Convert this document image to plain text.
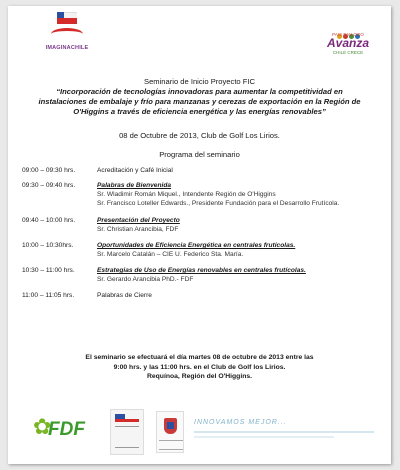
IMAGINACHILE
PAIS DIALOGO
Avanza
CHILE CRECE
Seminario de Inicio Proyecto FIC
“Incorporación de tecnologías innovadoras para aumentar la competitividad en
instalaciones de embalaje y frío para manzanas y cerezas de exportación en la Región de
O'Higgins a través de eficiencia energética y las energías renovables”
08 de Octubre de 2013, Club de Golf Los Lirios.
Programa del seminario
09:00 – 09:30 hrs.	Acreditación y Café Inicial
09:30 – 09:40 hrs.	Palabras de Bienvenida
Sr. Wladimir Román Miquel., Intendente Región de O'Higgins
Sr. Francisco Loteller Edwards., Presidente Fundación para el Desarrollo Frutícola.
09:40 – 10:00 hrs.	Presentación del Proyecto
Sr. Christian Arancibia, FDF
10:00 – 10:30hrs.	Oportunidades de Eficiencia Energética en centrales frutícolas.
Sr. Marcelo Catalán – CIE U. Federico Sta. María.
10:30 – 11:00 hrs.	Estrategias de Uso de Energías renovables en centrales frutícolas.
Sr. Gerardo Arancibia PhD.- FDF
11:00 – 11:05 hrs.	Palabras de Cierre
El seminario se efectuará el día martes 08 de octubre de 2013 entre las
9:00 hrs. y las 11:00 hrs. en el Club de Golf los Lirios.
Requínoa, Región del O'Higgins.
✿
FDF	INNOVAMOS MEJOR...
